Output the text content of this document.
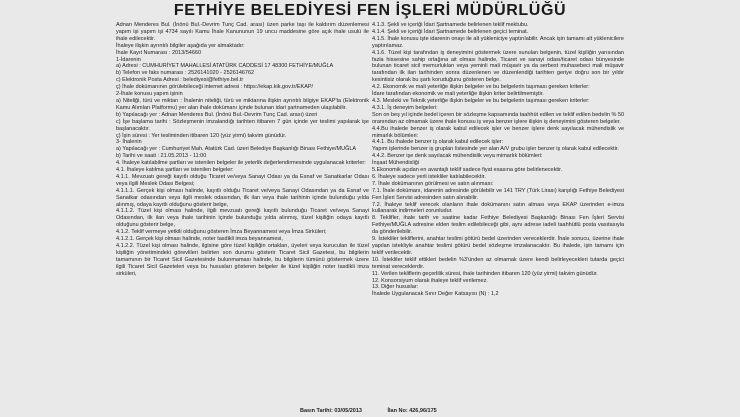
FETHİYE BELEDİYESİ FEN İŞLERİ MÜDÜRLÜĞÜ

Adnan Menderes Bul. (İnönü Bul.-Devrim Tunç Cad. arası) üzen parke taşı ile kaldırım düzenlemesi yapım işi yapım işi 4734 sayılı Kamu İhale Kanununun 19 uncu maddesine göre açık ihale usulü ile ihale edilecektir.

İhaleye ilişkin ayrıntılı bilgiler aşağıda yer almaktadır:

İhale Kayıt Numarası : 2013/54660

1-İdarenin

a) Adresi : CUMHURİYET MAHALLESİ ATATÜRK CADDESİ 17 48300 FETHİYE/MUĞLA

b) Telefon ve faks numarası : 2526141020 - 2526146762

c) Elektronik Posta Adresi : belediyesi@fethiye.bel.tr

ç) İhale dokümanının görülebileceği internet adresi : https://ekap.kik.gov.tr/EKAP/

2-İhale konusu yapım işinin

a) Niteliği, türü ve miktarı : İhalenin niteliği, türü ve miktarına ilişkin ayrıntılı bilgiye EKAP'ta (Elektronik Kamu Alımları Platformu) yer alan ihale dokümanı içinde bulunan idari şartnameden ulaşılabilir.

b) Yapılacağı yer : Adnan Menderes Bul. (İnönü Bul.-Devrim Tunç Cad. arası) üzeri

c) İşe başlama tarihi : Sözleşmenin imzalandığı tarihten itibaren 7 gün içinde yer teslimi yapılarak işe başlanacaktır.

ç) İşin süresi : Yer tesliminden itibaren 120 (yüz yirmi) takvim günüdür.

3- İhalenin

a) Yapılacağı yer : Cumhuriyet Mah. Atatürk Cad. üzeri Belediye Başkanlığı Binası Fethiye/MUĞLA

b) Tarihi ve saati : 21.05.2013 - 11:00

4. İhaleye katılabilme şartları ve istenilen belgeler ile yeterlik değerlendirmesinde uygulanacak kriterler:

4.1. İhaleye katılma şartları ve istenilen belgeler:

4.1.1. Mevzuatı gereği kayıtlı olduğu Ticaret ve/veya Sanayi Odası ya da Esnaf ve Sanatkarlar Odası veya ilgili Meslek Odası Belgesi;

4.1.1.1. Gerçek kişi olması halinde, kayıtlı olduğu Ticaret ve/veya Sanayi Odasından ya da Esnaf ve Sanatkar odasından veya ilgili meslek odasından, ilk ilan veya ihale tarihinin içinde bulunduğu yılda alınmış, odaya kayıtlı olduğunu gösterir belge,

4.1.1.2. Tüzel kişi olması halinde, ilgili mevzuatı gereği kayıtlı bulunduğu Ticaret ve/veya Sanayi Odasından, ilk ilan veya ihale tarihinin içinde bulunduğu yılda alınmış, tüzel kişiliğin odaya kayıtlı olduğunu gösterir belge,

4.1.2. Teklif vermeye yetkili olduğunu gösteren İmza Beyannamesi veya İmza Sirküleri;

4.1.2.1. Gerçek kişi olması halinde, noter tasdikli imza beyannamesi,

4.1.2.2. Tüzel kişi olması halinde, ilgisine göre tüzel kişiliğin ortakları, üyeleri veya kurucuları ile tüzel kişiliğin yönetimindeki görevlileri belirten son durumu gösterir Ticaret Sicil Gazetesi, bu bilgilerin tamamının bir Ticaret Sicil Gazetesinde bulunmaması halinde, bu bilgilerin tümünü göstermek üzere ilgili Ticaret Sicil Gazeteleri veya bu hususları gösteren belgeler ile tüzel kişiliğin noter tasdikli imza sirküleri,

4.1.3. Şekli ve içeriği İdari Şartnamede belirlenen teklif mektubu.

4.1.4. Şekli ve içeriği İdari Şartnamede belirlenen geçici teminat.

4.1.5. İhale konusu işte idarenin onayı ile alt yükleniciye yaptırılabilir. Ancak işin tamamı alt yüklenicilere yaptırılamaz.

4.1.6. Tüzel kişi tarafından iş deneyimini göstermek üzere sunulan belgenin, tüzel kişiliğin yarısından fazla hissesine sahip ortağına ait olması halinde, Ticaret ve sanayi odası/ticaret odası bünyesinde bulunan ticaret sicil memurlukları veya yeminli mali müşavir ya da serbest muhasebeci mali müşavir tarafından ilk ilan tarihinden sonra düzenlenen ve düzenlendiği tarihten geriye doğru son bir yıldır kesintisiz olarak bu şartı koruduğunu gösteren belge.

4.2. Ekonomik ve mali yeterliğe ilişkin belgeler ve bu belgelerin taşıması gereken kriterler:

İdare tarafından ekonomik ve mali yeterliğe ilişkin kriter belirtilmemiştir.

4.3. Mesleki ve Teknik yeterliğe ilişkin belgeler ve bu belgelerin taşıması gereken kriterler:

4.3.1. İş deneyim belgeleri:

Son on beş yıl içinde bedel içeren bir sözleşme kapsamında taahhüt edilen ve teklif edilen bedelin % 50 oranından az olmamak üzere ihale konusu iş veya benzer işlere ilişkin iş deneyimini gösteren belgeler.

4.4.Bu ihalede benzer iş olarak kabul edilecek işler ve benzer işlere denk sayılacak mühendislik ve mimarlık bölümleri:

4.4.1. Bu ihalede benzer iş olarak kabul edilecek işler:

Yapım işlerinde benzer iş grupları listesinde yer alan A/V grubu işler benzer iş olarak kabul edilecektir.

4.4.2. Benzer işe denk sayılacak mühendislik veya mimarlık bölümleri:

İnşaat Mühendisliği

5.Ekonomik açıdan en avantajlı teklif sadece fiyat esasına göre belirlenecektir.

6. İhaleye sadece yerli istekliler katılabilecektir.

7. İhale dokümanının görülmesi ve satın alınması:

7.1. İhale dokümanı, idarenin adresinde görülebilir ve 141 TRY (Türk Lirası) karşılığı Fethiye Belediyesi Fen İşleri Servisi adresinden satın alınabilir.

7.2. İhaleye teklif verecek olanların ihale dokümanını satın alması veya EKAP üzerinden e-imza kullanarak indirmeleri zorunludur.

8. Teklifler, ihale tarih ve saatine kadar Fethiye Belediyesi Başkanlığı Binası Fen İşleri Servisi Fethiye/MUĞLA adresine elden teslim edilebileceği gibi, aynı adrese iadeli taahhütlü posta vasıtasıyla da gönderilebilir.

9. İstekliler tekliflerini, anahtar teslimi götürü bedel üzerinden vereceklerdir. İhale sonucu, üzerine ihale yapılan istekliyle anahtar teslimi götürü bedel sözleşme imzalanacaktır. Bu ihalede, işin tamamı için teklif verilecektir.

10. İstekliler teklif ettikleri bedelin %3'ünden az olmamak üzere kendi belirleyecekleri tutarda geçici teminat vereceklerdir.

11. Verilen tekliflerin geçerlilik süresi, ihale tarihinden itibaren 120 (yüz yirmi) takvim günüdür.

12. Konsorsiyum olarak ihaleye teklif verilemez.

13. Diğer hususlar:

İhalede Uygulanacak Sınır Değer Katsayısı (N) : 1,2

Basın Tarihi: 03/05/2013	İlan No: 426,96/175
